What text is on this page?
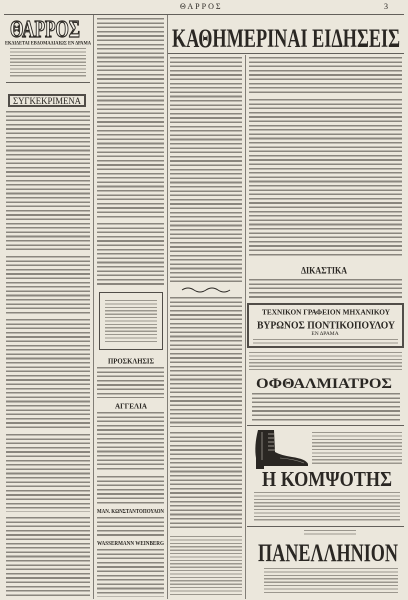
ΘΑΡΡΟΣ	3
ΘΑΡΡΟΣ
ΕΚΔΙΔΕΤΑΙ ΕΒΔΟΜΑΔΙΑΙΩΣ ΕΝ ΔΡΑΜΑ
ΣΥΓΚΕΚΡΙΜΕΝΑ
ΠΡΟΣΚΛΗΣΙΣ
ΑΓΓΕΛΙΑ
ΜΑΝ. ΚΩΝΣΤΑΝΤΟΠΟΥΛΟΝ
WASSERMANN WEINBERG
ΚΑΘΗΜΕΡΙΝΑΙ ΕΙΔΗΣΕΙΣ
ΔΙΚΑΣΤΙΚΑ
ΤΕΧΝΙΚΟΝ ΓΡΑΦΕΙΟΝ ΜΗΧΑΝΙΚΟΥ
ΒΥΡΩΝΟΣ ΠΟΝΤΙΚΟΠΟΥΛΟΥ
ΕΝ ΔΡΑΜΑ
ΟΦΘΑΛΜΙΑΤΡΟΣ
Η ΚΟΜΨΟΤΗΣ
ΠΑΝΕΛΛΗΝΙΟΝ
